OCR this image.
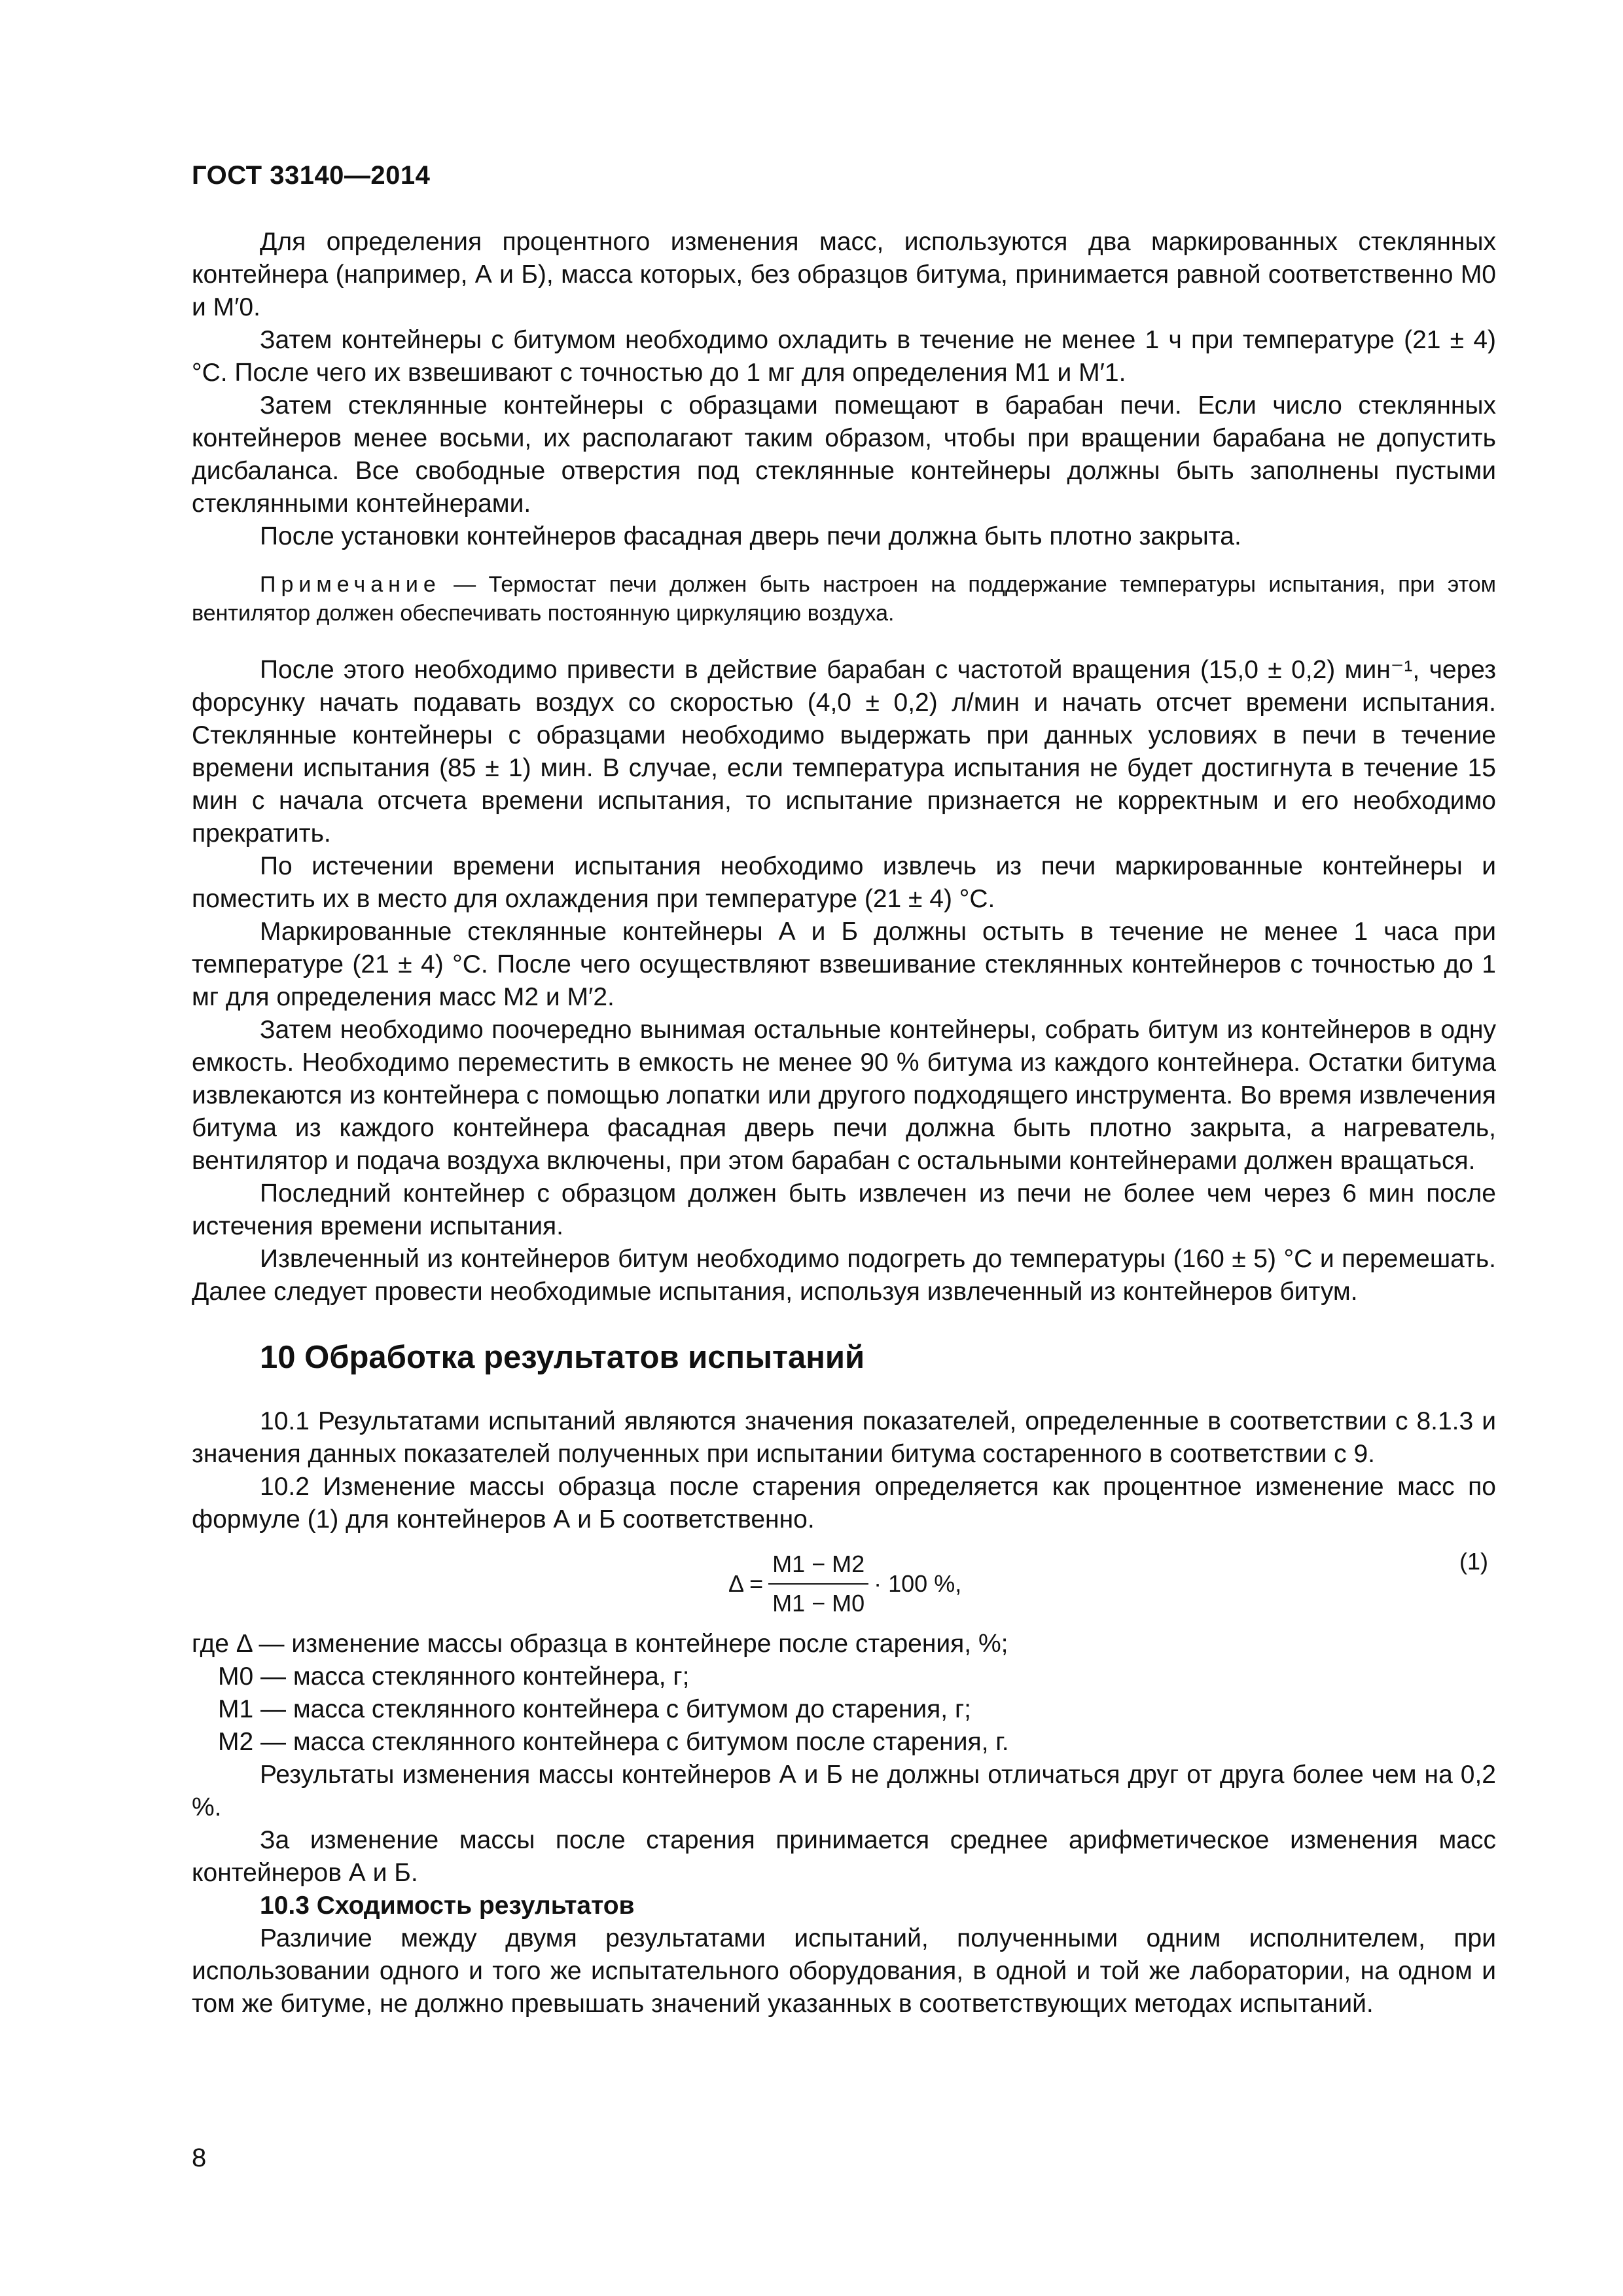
ГОСТ 33140—2014

Для определения процентного изменения масс, используются два маркированных стеклянных контейнера (например, А и Б), масса которых, без образцов битума, принимается равной соответственно M0 и M′0.

Затем контейнеры с битумом необходимо охладить в течение не менее 1 ч при температуре (21 ± 4) °С. После чего их взвешивают с точностью до 1 мг для определения M1 и M′1.

Затем стеклянные контейнеры с образцами помещают в барабан печи. Если число стеклянных контейнеров менее восьми, их располагают таким образом, чтобы при вращении барабана не допустить дисбаланса. Все свободные отверстия под стеклянные контейнеры должны быть заполнены пустыми стеклянными контейнерами.

После установки контейнеров фасадная дверь печи должна быть плотно закрыта.

Примечание — Термостат печи должен быть настроен на поддержание температуры испытания, при этом вентилятор должен обеспечивать постоянную циркуляцию воздуха.

После этого необходимо привести в действие барабан с частотой вращения (15,0 ± 0,2) мин⁻¹, через форсунку начать подавать воздух со скоростью (4,0 ± 0,2) л/мин и начать отсчет времени испытания. Стеклянные контейнеры с образцами необходимо выдержать при данных условиях в печи в течение времени испытания (85 ± 1) мин. В случае, если температура испытания не будет достигнута в течение 15 мин с начала отсчета времени испытания, то испытание признается не корректным и его необходимо прекратить.

По истечении времени испытания необходимо извлечь из печи маркированные контейнеры и поместить их в место для охлаждения при температуре (21 ± 4) °С.

Маркированные стеклянные контейнеры А и Б должны остыть в течение не менее 1 часа при температуре (21 ± 4) °С. После чего осуществляют взвешивание стеклянных контейнеров с точностью до 1 мг для определения масс M2 и M′2.

Затем необходимо поочередно вынимая остальные контейнеры, собрать битум из контейнеров в одну емкость. Необходимо переместить в емкость не менее 90 % битума из каждого контейнера. Остатки битума извлекаются из контейнера с помощью лопатки или другого подходящего инструмента. Во время извлечения битума из каждого контейнера фасадная дверь печи должна быть плотно закрыта, а нагреватель, вентилятор и подача воздуха включены, при этом барабан с остальными контейнерами должен вращаться.

Последний контейнер с образцом должен быть извлечен из печи не более чем через 6 мин после истечения времени испытания.

Извлеченный из контейнеров битум необходимо подогреть до температуры (160 ± 5) °С и перемешать. Далее следует провести необходимые испытания, используя извлеченный из контейнеров битум.

10 Обработка результатов испытаний

10.1 Результатами испытаний являются значения показателей, определенные в соответствии с 8.1.3 и значения данных показателей полученных при испытании битума состаренного в соответствии с 9.

10.2 Изменение массы образца после старения определяется как процентное изменение масс по формуле (1) для контейнеров А и Б соответственно.

$\Delta = \frac{M1 - M2}{M1 - M0} \cdot 100$ %,
(1)

где Δ — изменение массы образца в контейнере после старения, %;

M0 — масса стеклянного контейнера, г;
M1 — масса стеклянного контейнера с битумом до старения, г;
M2 — масса стеклянного контейнера с битумом после старения, г.

Результаты изменения массы контейнеров А и Б не должны отличаться друг от друга более чем на 0,2 %.

За изменение массы после старения принимается среднее арифметическое изменения масс контейнеров А и Б.

10.3 Сходимость результатов

Различие между двумя результатами испытаний, полученными одним исполнителем, при использовании одного и того же испытательного оборудования, в одной и той же лаборатории, на одном и том же битуме, не должно превышать значений указанных в соответствующих методах испытаний.

8
